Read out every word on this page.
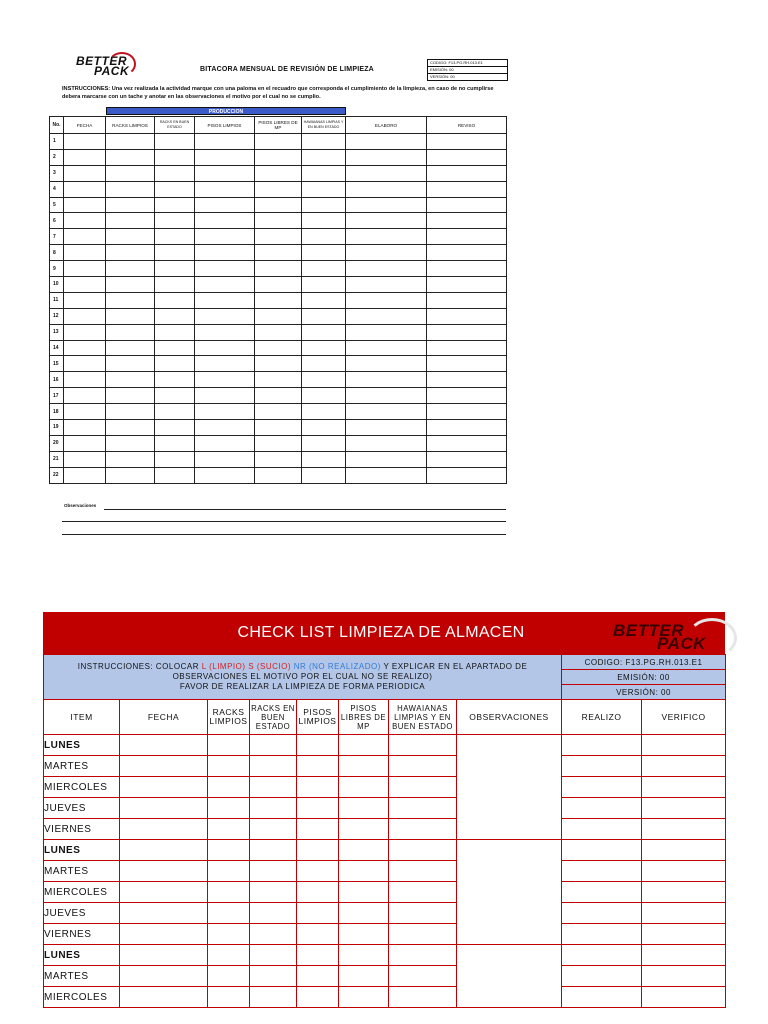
BETTER
PACK	BITACORA MENSUAL DE REVISIÓN DE LIMPIEZA
CODIGO: F13.PG.RH.013.E1
EMISIÓN: 00
VERSIÓN: 00
INSTRUCCIONES: Una vez realizada la actividad marque con una paloma en el recuadro que corresponda el cumplimiento de la limpieza, en caso de no cumplirse debera marcarse con un tache y anotar en las observaciones el motivo por el cual no se cumplio.
PRODUCCION
No.	FECHA	RACKS LIMPIOS	RACKS EN BUEN ESTADO	PISOS LIMPIOS	PISOS LIBRES DE MP	HAWAIANAS LIMPIAS Y EN BUEN ESTADO	ELABORO	REVISO
1								
2								
3								
4								
5								
6								
7								
8								
9								
10								
11								
12								
13								
14								
15								
16								
17								
18								
19								
20								
21								
22								
Observaciones
CHECK LIST LIMPIEZA DE ALMACEN	BETTER
PACK
INSTRUCCIONES: COLOCAR L (LIMPIO) S (SUCIO) NR (NO REALIZADO) Y EXPLICAR EN EL APARTADO DE OBSERVACIONES EL MOTIVO POR EL CUAL NO SE REALIZO)
FAVOR DE REALIZAR LA LIMPIEZA DE FORMA PERIODICA								CODIGO: F13.PG.RH.013.E1	
								EMISIÓN: 00	
								VERSIÓN: 00	
ITEM	FECHA	RACKS LIMPIOS	RACKS EN BUEN ESTADO	PISOS LIMPIOS	PISOS LIBRES DE MP	HAWAIANAS LIMPIAS Y EN BUEN ESTADO	OBSERVACIONES	REALIZO	VERIFICO
LUNES									
MARTES									
MIERCOLES									
JUEVES									
VIERNES									
LUNES									
MARTES									
MIERCOLES									
JUEVES									
VIERNES									
LUNES									
MARTES									
MIERCOLES									
